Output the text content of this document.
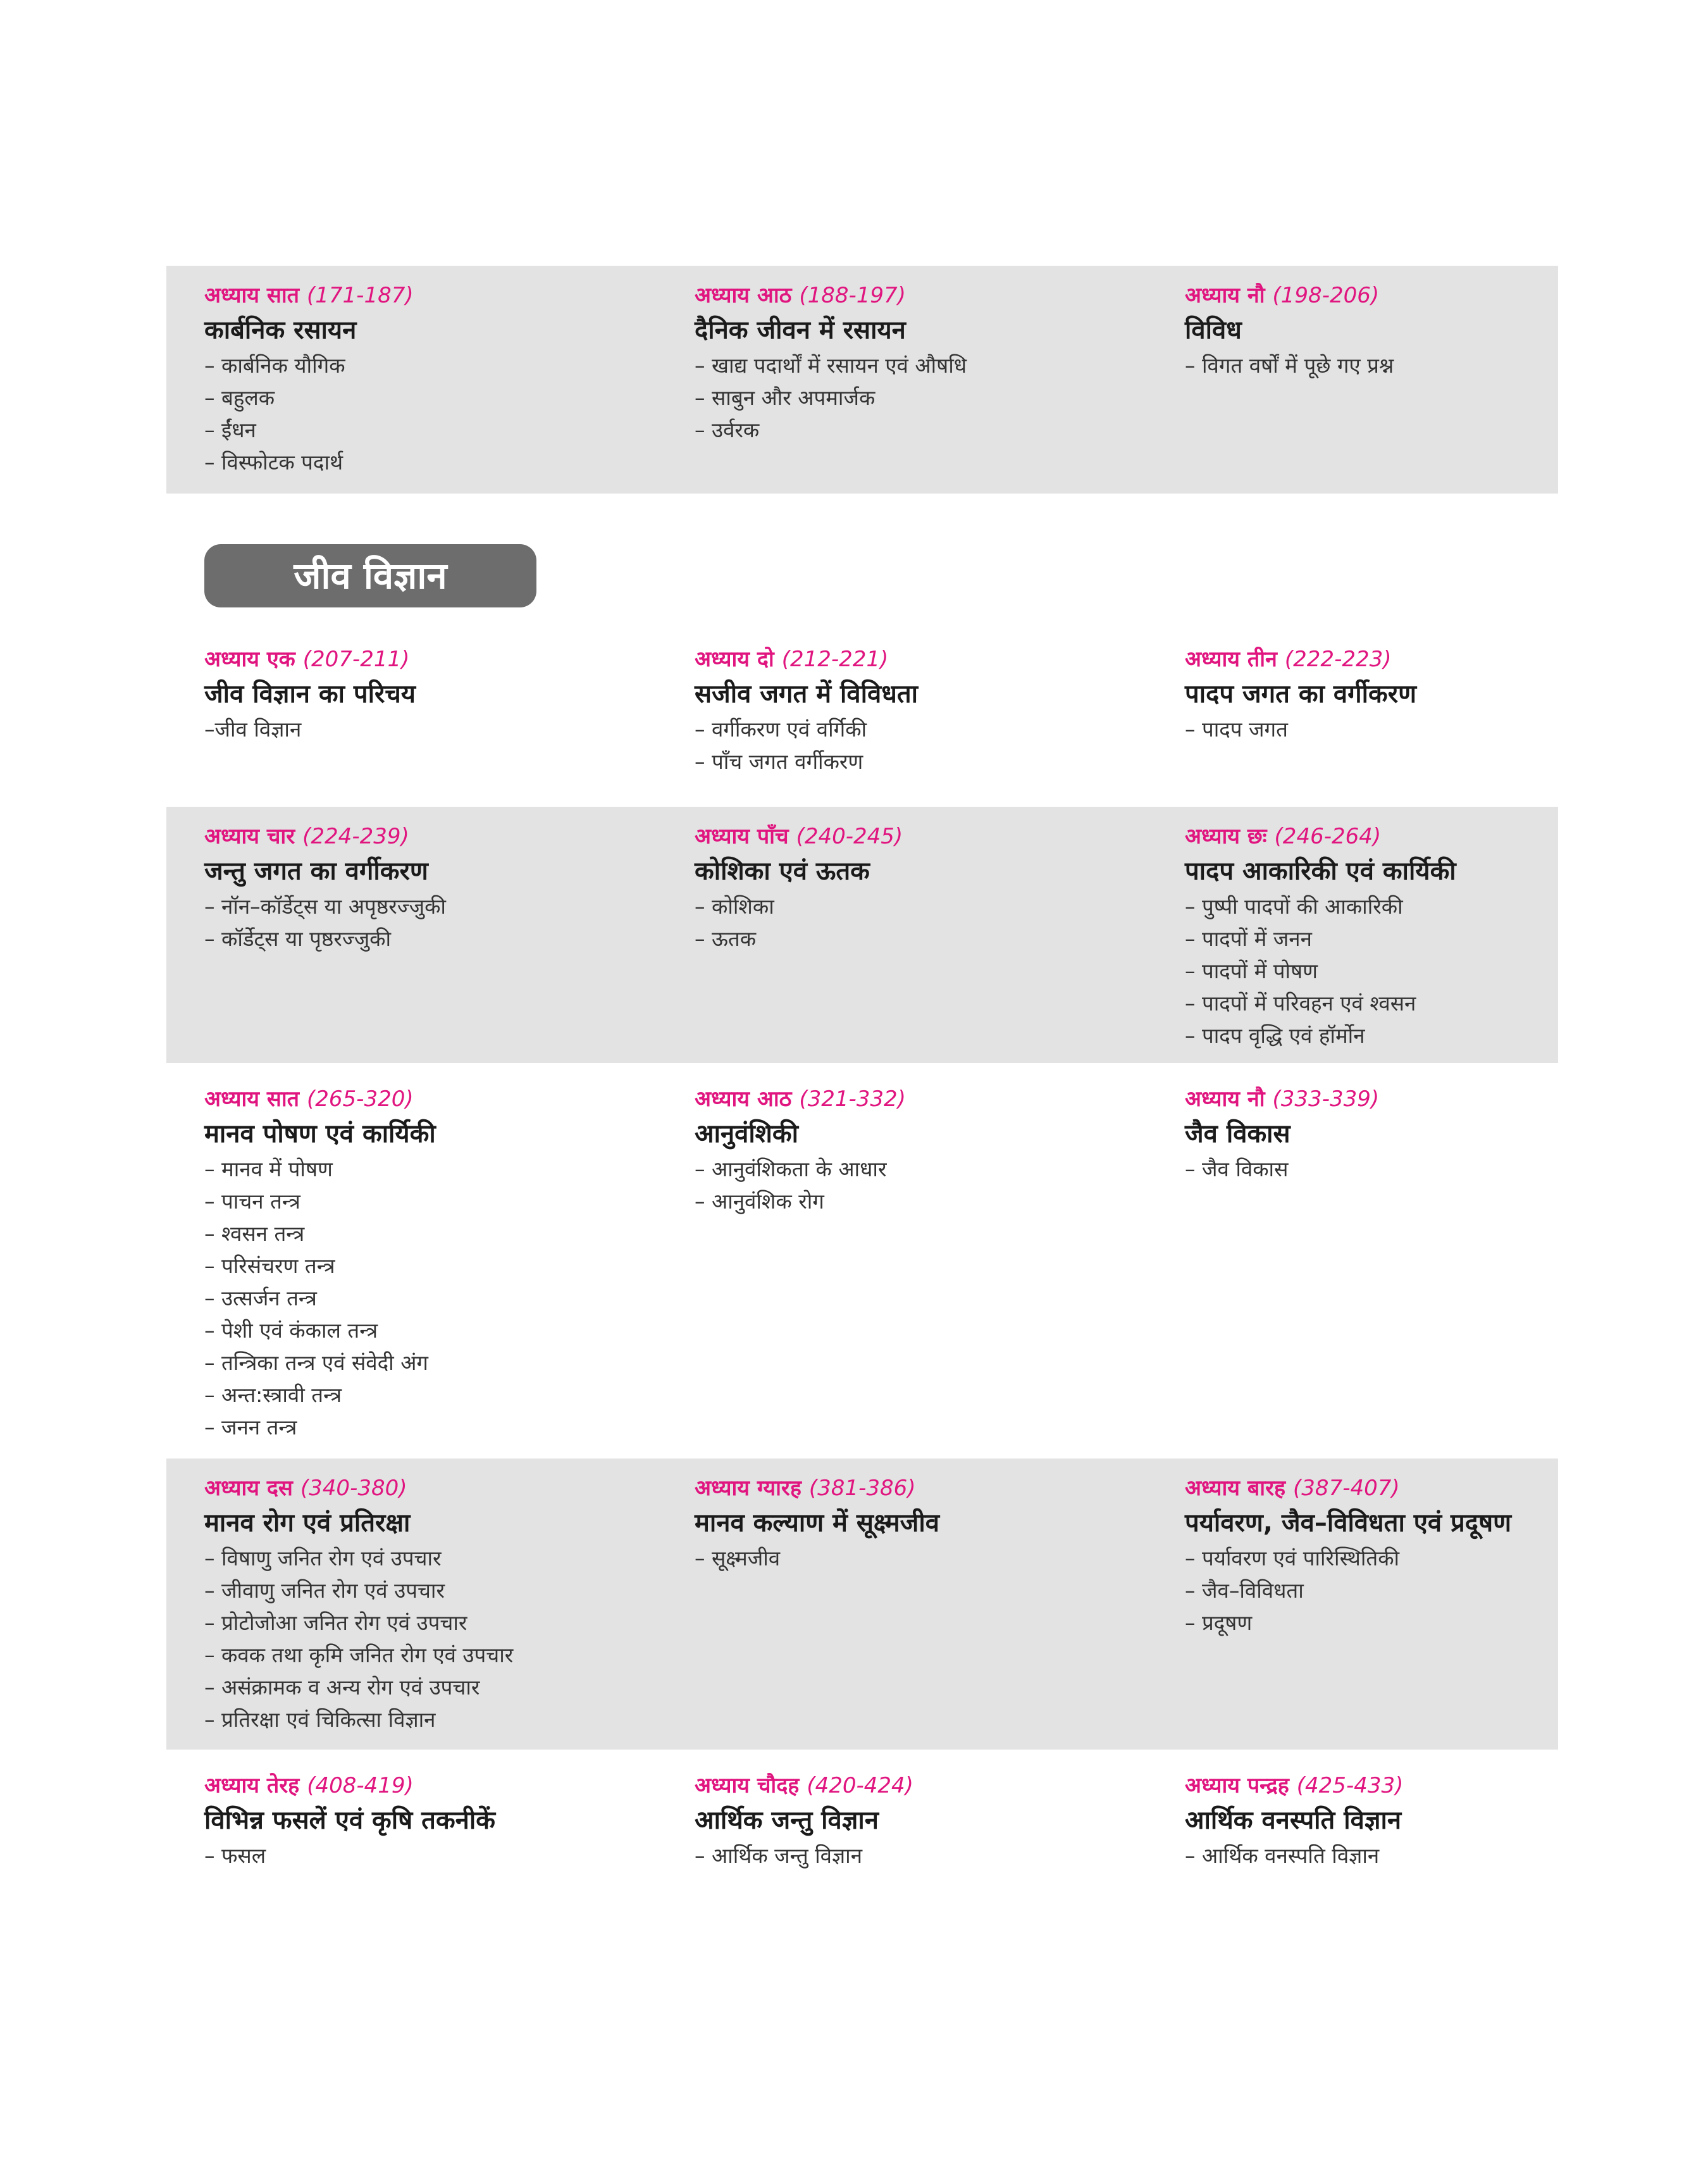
अध्याय सात (171-187)
कार्बनिक रसायन
– कार्बनिक यौगिक
– बहुलक
– ईंधन
– विस्फोटक पदार्थ
अध्याय आठ (188-197)
दैनिक जीवन में रसायन
– खाद्य पदार्थों में रसायन एवं औषधि
– साबुन और अपमार्जक
– उर्वरक
अध्याय नौ (198-206)
विविध
– विगत वर्षों में पूछे गए प्रश्न
जीव विज्ञान
अध्याय एक (207-211)
जीव विज्ञान का परिचय
–जीव विज्ञान
अध्याय दो (212-221)
सजीव जगत में विविधता
– वर्गीकरण एवं वर्गिकी
– पाँच जगत वर्गीकरण
अध्याय तीन (222-223)
पादप जगत का वर्गीकरण
– पादप जगत
अध्याय चार (224-239)
जन्तु जगत का वर्गीकरण
– नॉन–कॉर्डेट्स या अपृष्ठरज्जुकी
– कॉर्डेट्स या पृष्ठरज्जुकी
अध्याय पाँच (240-245)
कोशिका एवं ऊतक
– कोशिका
– ऊतक
अध्याय छः (246-264)
पादप आकारिकी एवं कार्यिकी
– पुष्पी पादपों की आकारिकी
– पादपों में जनन
– पादपों में पोषण
– पादपों में परिवहन एवं श्वसन
– पादप वृद्धि एवं हॉर्मोन
अध्याय सात (265-320)
मानव पोषण एवं कार्यिकी
– मानव में पोषण
– पाचन तन्त्र
– श्वसन तन्त्र
– परिसंचरण तन्त्र
– उत्सर्जन तन्त्र
– पेशी एवं कंकाल तन्त्र
– तन्त्रिका तन्त्र एवं संवेदी अंग
– अन्त:स्त्रावी तन्त्र
– जनन तन्त्र
अध्याय आठ (321-332)
आनुवंशिकी
– आनुवंशिकता के आधार
– आनुवंशिक रोग
अध्याय नौ (333-339)
जैव विकास
– जैव विकास
अध्याय दस (340-380)
मानव रोग एवं प्रतिरक्षा
– विषाणु जनित रोग एवं उपचार
– जीवाणु जनित रोग एवं उपचार
– प्रोटोजोआ जनित रोग एवं उपचार
– कवक तथा कृमि जनित रोग एवं उपचार
– असंक्रामक व अन्य रोग एवं उपचार
– प्रतिरक्षा एवं चिकित्सा विज्ञान
अध्याय ग्यारह (381-386)
मानव कल्याण में सूक्ष्मजीव
– सूक्ष्मजीव
अध्याय बारह (387-407)
पर्यावरण, जैव–विविधता एवं प्रदूषण
– पर्यावरण एवं पारिस्थितिकी
– जैव–विविधता
– प्रदूषण
अध्याय तेरह (408-419)
विभिन्न फसलें एवं कृषि तकनीकें
– फसल
अध्याय चौदह (420-424)
आर्थिक जन्तु विज्ञान
– आर्थिक जन्तु विज्ञान
अध्याय पन्द्रह (425-433)
आर्थिक वनस्पति विज्ञान
– आर्थिक वनस्पति विज्ञान
